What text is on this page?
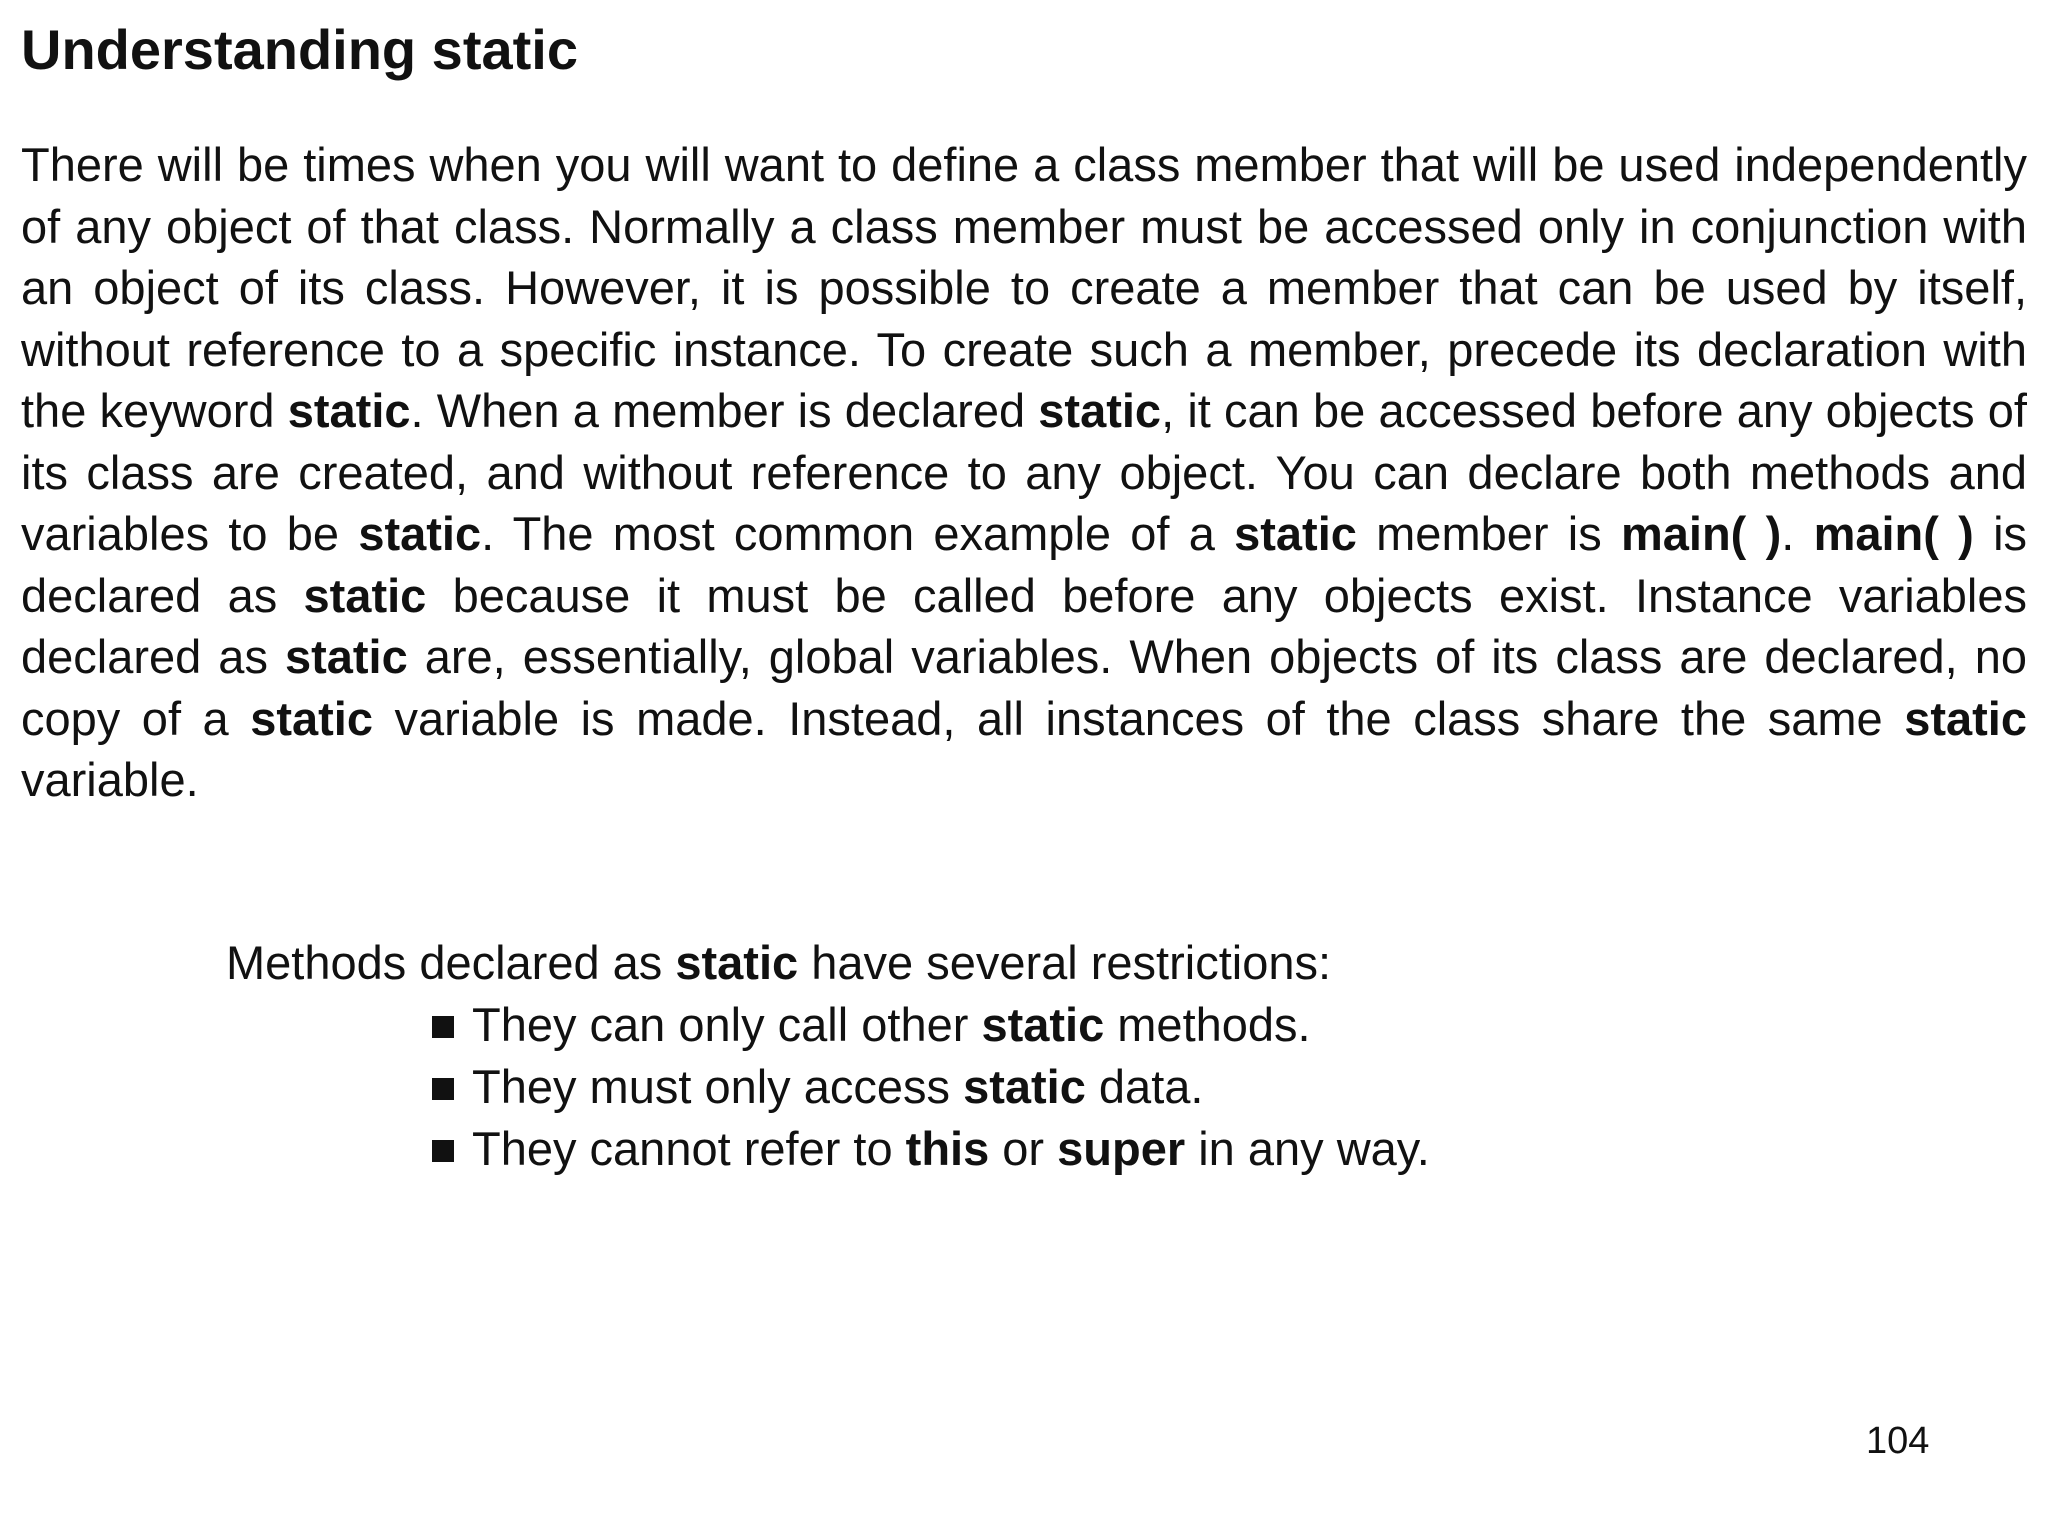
Understanding static

There will be times when you will want to define a class member that will be used independently of any object of that class. Normally a class member must be accessed only in conjunction with an object of its class. However, it is possible to create a member that can be used by itself, without reference to a specific instance. To create such a member, precede its declaration with the keyword static. When a member is declared static, it can be accessed before any objects of its class are created, and without reference to any object. You can declare both methods and variables to be static. The most common example of a static member is main( ). main( ) is declared as static because it must be called before any objects exist. Instance variables declared as static are, essentially, global variables. When objects of its class are declared, no copy of a static variable is made. Instead, all instances of the class share the same static variable.

Methods declared as static have several restrictions:

They can only call other static methods.
They must only access static data.
They cannot refer to this or super in any way.
104
